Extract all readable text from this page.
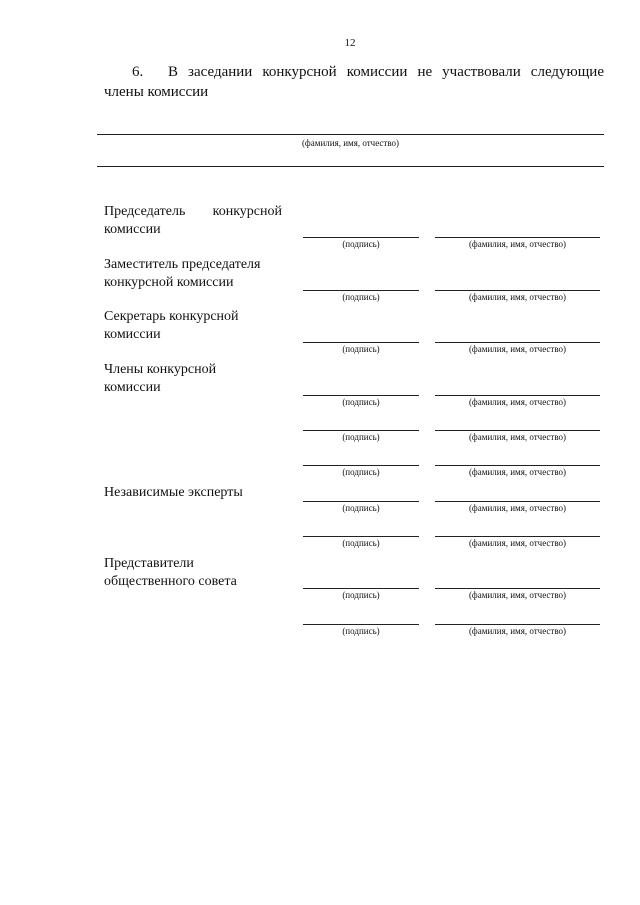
12
6. В заседании конкурсной комиссии не участвовали следующие
члены комиссии
(фамилия, имя, отчество)
Председатель конкурсной
комиссии
(подпись)	(фамилия, имя, отчество)
Заместитель председателя
конкурсной комиссии
(подпись)	(фамилия, имя, отчество)
Секретарь конкурсной
комиссии
(подпись)	(фамилия, имя, отчество)
Члены конкурсной
комиссии
(подпись)	(фамилия, имя, отчество)
(подпись)	(фамилия, имя, отчество)
(подпись)	(фамилия, имя, отчество)
Независимые эксперты
(подпись)	(фамилия, имя, отчество)
(подпись)	(фамилия, имя, отчество)
Представители
общественного совета
(подпись)	(фамилия, имя, отчество)
(подпись)	(фамилия, имя, отчество)
